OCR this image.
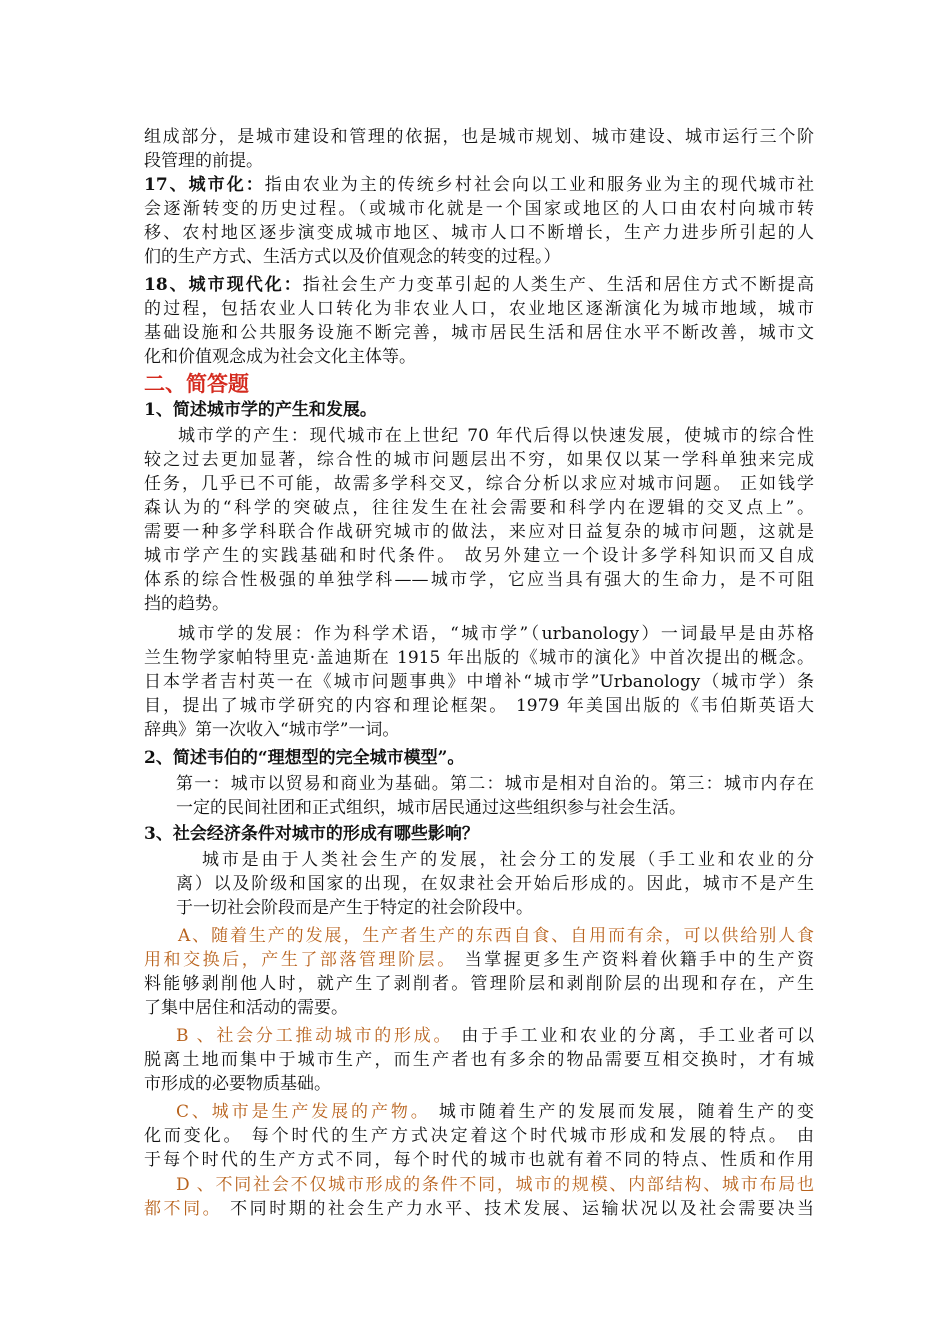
组成部分，是城市建设和管理的依据，也是城市规划、城市建设、城市运行三个阶
段管理的前提。
17、城市化：指由农业为主的传统乡村社会向以工业和服务业为主的现代城市社
会逐渐转变的历史过程。（或城市化就是一个国家或地区的人口由农村向城市转
移、农村地区逐步演变成城市地区、城市人口不断增长，生产力进步所引起的人
们的生产方式、生活方式以及价值观念的转变的过程。）
18、城市现代化：指社会生产力变革引起的人类生产、生活和居住方式不断提高
的过程，包括农业人口转化为非农业人口，农业地区逐渐演化为城市地域，城市
基础设施和公共服务设施不断完善，城市居民生活和居住水平不断改善，城市文
化和价值观念成为社会文化主体等。
二、简答题
1、简述城市学的产生和发展。
城市学的产生：现代城市在上世纪 70 年代后得以快速发展，使城市的综合性
较之过去更加显著，综合性的城市问题层出不穷，如果仅以某一学科单独来完成
任务，几乎已不可能，故需多学科交叉，综合分析以求应对城市问题。 正如钱学
森认为的“科学的突破点，往往发生在社会需要和科学内在逻辑的交叉点上”。
需要一种多学科联合作战研究城市的做法，来应对日益复杂的城市问题，这就是
城市学产生的实践基础和时代条件。 故另外建立一个设计多学科知识而又自成
体系的综合性极强的单独学科——城市学，它应当具有强大的生命力，是不可阻
挡的趋势。
城市学的发展：作为科学术语，“城市学”（urbanology）一词最早是由苏格
兰生物学家帕特里克·盖迪斯在 1915 年出版的《城市的演化》中首次提出的概念。
日本学者吉村英一在《城市问题事典》中增补“城市学”Urbanology（城市学）条
目，提出了城市学研究的内容和理论框架。 1979 年美国出版的《韦伯斯英语大
辞典》第一次收入“城市学”一词。
2、简述韦伯的“理想型的完全城市模型”。
第一：城市以贸易和商业为基础。第二：城市是相对自治的。第三：城市内存在
一定的民间社团和正式组织，城市居民通过这些组织参与社会生活。
3、社会经济条件对城市的形成有哪些影响？
城市是由于人类社会生产的发展，社会分工的发展（手工业和农业的分
离）以及阶级和国家的出现，在奴隶社会开始后形成的。因此，城市不是产生
于一切社会阶段而是产生于特定的社会阶段中。
A、随着生产的发展，生产者生产的东西自食、自用而有余，可以供给别人食
用和交换后，产生了部落管理阶层。 当掌握更多生产资料着伙籍手中的生产资
料能够剥削他人时，就产生了剥削者。管理阶层和剥削阶层的出现和存在，产生
了集中居住和活动的需要。
B 、社会分工推动城市的形成。 由于手工业和农业的分离，手工业者可以
脱离土地而集中于城市生产，而生产者也有多余的物品需要互相交换时，才有城
市形成的必要物质基础。
C、城市是生产发展的产物。 城市随着生产的发展而发展，随着生产的变
化而变化。 每个时代的生产方式决定着这个时代城市形成和发展的特点。 由
于每个时代的生产方式不同，每个时代的城市也就有着不同的特点、性质和作用
D 、不同社会不仅城市形成的条件不同，城市的规模、内部结构、城市布局也
都不同。 不同时期的社会生产力水平、技术发展、运输状况以及社会需要决当
